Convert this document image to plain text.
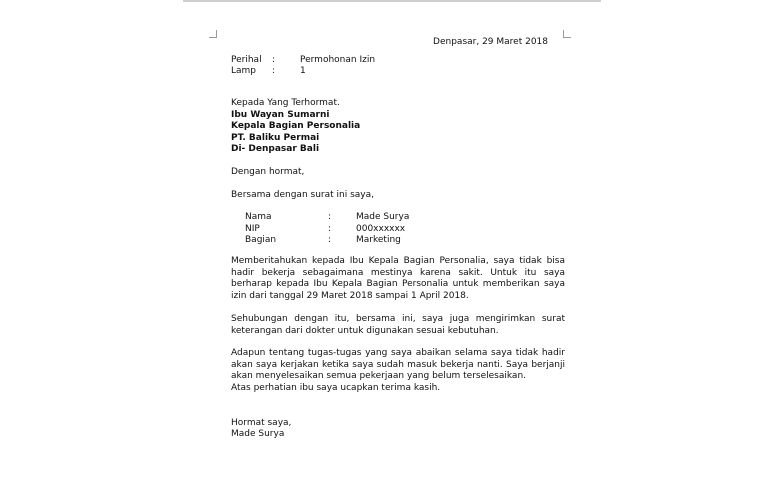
Denpasar, 29 Maret 2018
Perihal :	Permohonan Izin
Lamp :	1
Kepada Yang Terhormat.
Ibu Wayan Sumarni
Kepala Bagian Personalia
PT. Baliku Permai
Di- Denpasar Bali
Dengan hormat,
Bersama dengan surat ini saya,
Nama	:	Made Surya
NIP	:	000xxxxxx
Bagian	:	Marketing
Memberitahukan kepada Ibu Kepala Bagian Personalia, saya tidak bisa hadir bekerja sebagaimana mestinya karena sakit. Untuk itu saya berharap kepada Ibu Kepala Bagian Personalia untuk memberikan saya izin dari tanggal 29 Maret 2018 sampai 1 April 2018.
Sehubungan dengan itu, bersama ini, saya juga mengirimkan surat keterangan dari dokter untuk digunakan sesuai kebutuhan.
Adapun tentang tugas-tugas yang saya abaikan selama saya tidak hadir akan saya kerjakan ketika saya sudah masuk bekerja nanti. Saya berjanji akan menyelesaikan semua pekerjaan yang belum terselesaikan.
Atas perhatian ibu saya ucapkan terima kasih.
Hormat saya,
Made Surya
